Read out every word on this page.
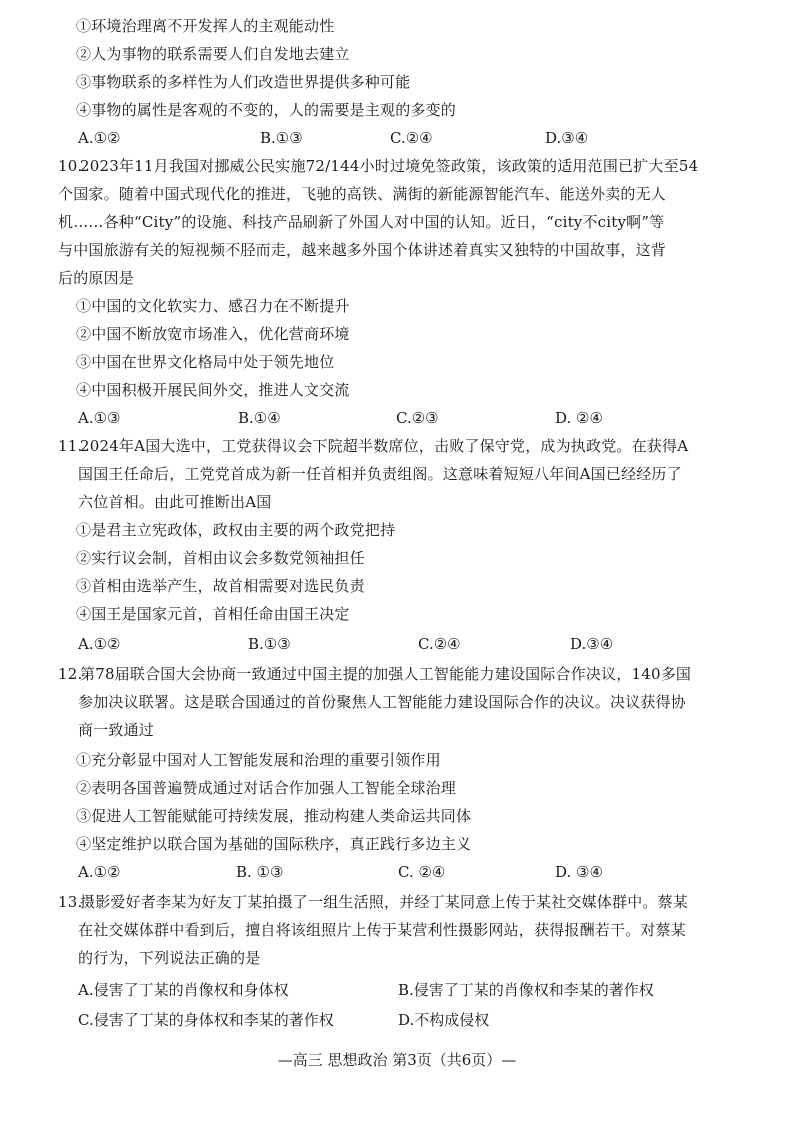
①环境治理离不开发挥人的主观能动性
②人为事物的联系需要人们自发地去建立
③事物联系的多样性为人们改造世界提供多种可能
④事物的属性是客观的不变的，人的需要是主观的多变的
A.①②	B.①③	C.②④	D.③④
10.
2023年11月我国对挪威公民实施72/144小时过境免签政策，该政策的适用范围已扩大至54
个国家。随着中国式现代化的推进，飞驰的高铁、满街的新能源智能汽车、能送外卖的无人
机……各种“City”的设施、科技产品刷新了外国人对中国的认知。近日，“city不city啊”等
与中国旅游有关的短视频不胫而走，越来越多外国个体讲述着真实又独特的中国故事，这背
后的原因是
①中国的文化软实力、感召力在不断提升
②中国不断放宽市场准入，优化营商环境
③中国在世界文化格局中处于领先地位
④中国积极开展民间外交，推进人文交流
A.①③	B.①④	C.②③	D. ②④
11.
2024年A国大选中，工党获得议会下院超半数席位，击败了保守党，成为执政党。在获得A
国国王任命后，工党党首成为新一任首相并负责组阁。这意味着短短八年间A国已经经历了
六位首相。由此可推断出A国
①是君主立宪政体，政权由主要的两个政党把持
②实行议会制，首相由议会多数党领袖担任
③首相由选举产生，故首相需要对选民负责
④国王是国家元首，首相任命由国王决定
A.①②	B.①③	C.②④	D.③④
12.
第78届联合国大会协商一致通过中国主提的加强人工智能能力建设国际合作决议，140多国
参加决议联署。这是联合国通过的首份聚焦人工智能能力建设国际合作的决议。决议获得协
商一致通过
①充分彰显中国对人工智能发展和治理的重要引领作用
②表明各国普遍赞成通过对话合作加强人工智能全球治理
③促进人工智能赋能可持续发展，推动构建人类命运共同体
④坚定维护以联合国为基础的国际秩序，真正践行多边主义
A.①②	B. ①③	C. ②④	D. ③④
13.
摄影爱好者李某为好友丁某拍摄了一组生活照，并经丁某同意上传于某社交媒体群中。蔡某
在社交媒体群中看到后，擅自将该组照片上传于某营利性摄影网站，获得报酬若干。对蔡某
的行为，下列说法正确的是
A.侵害了丁某的肖像权和身体权	B.侵害了丁某的肖像权和李某的著作权
C.侵害了丁某的身体权和李某的著作权	D.不构成侵权
—高三 思想政治 第3页（共6页）—
